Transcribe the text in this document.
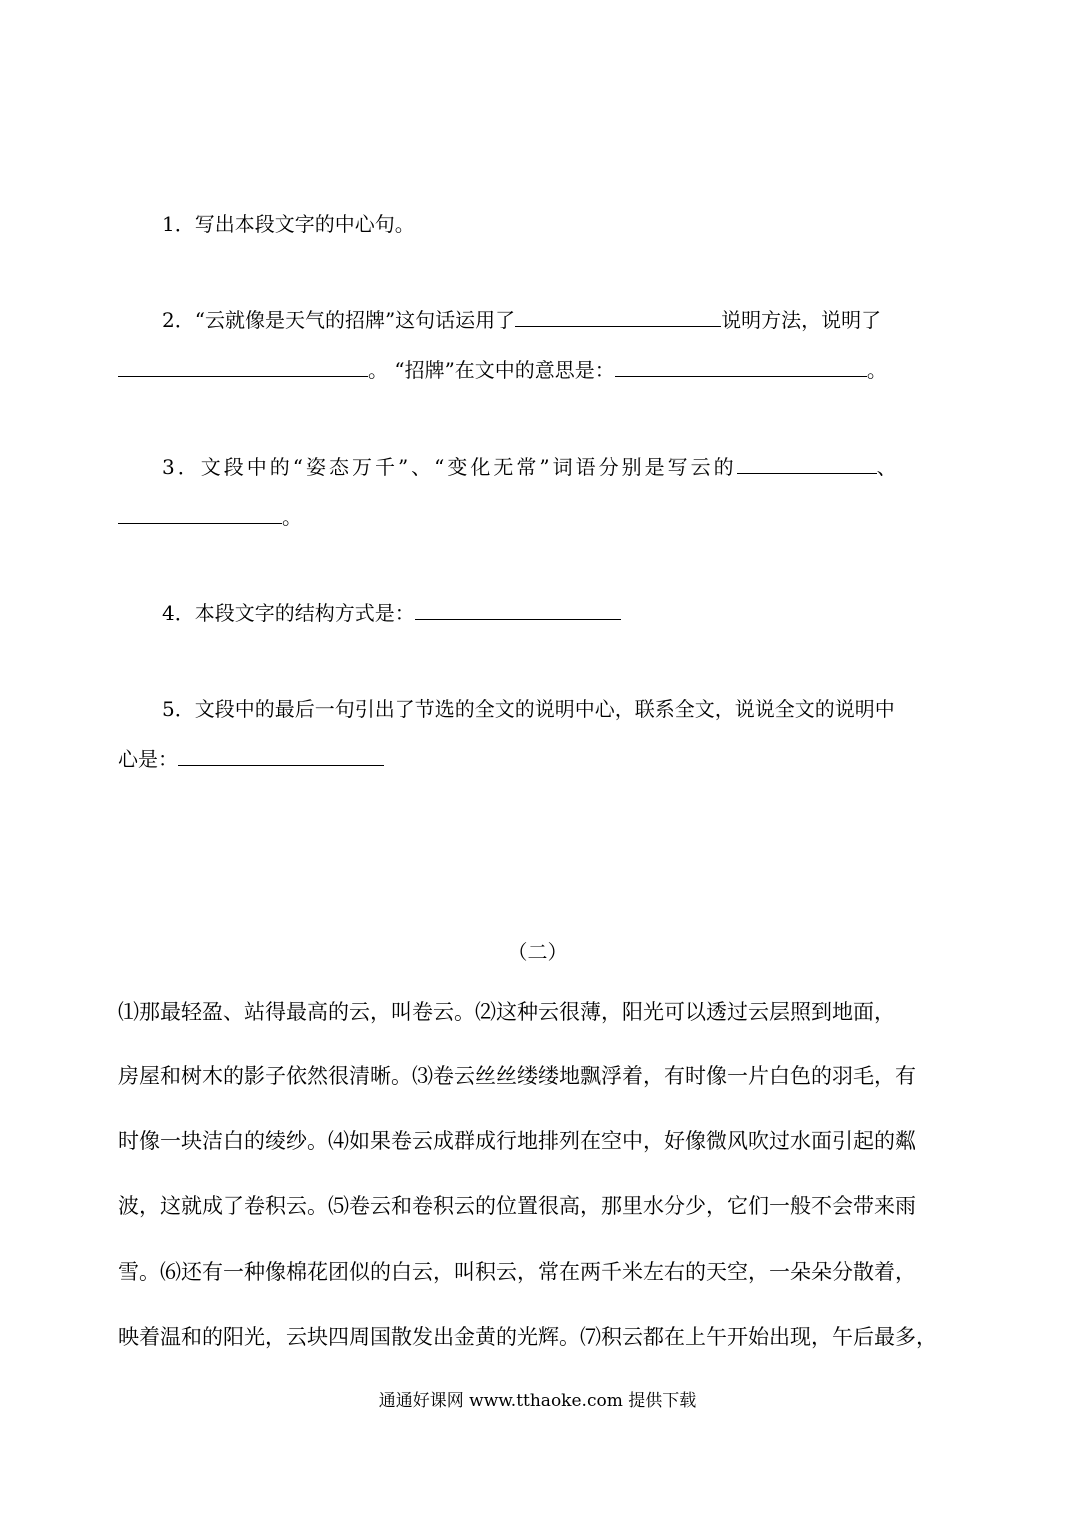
1．写出本段文字的中心句。
2．“云就像是天气的招牌”这句话运用了	说明方法，说明了
。 “招牌”在文中的意思是：	。
3．文段中的“姿态万千”、“变化无常”词语分别是写云的	、
。
4．本段文字的结构方式是：
5．文段中的最后一句引出了节选的全文的说明中心，联系全文，说说全文的说明中
心是：
（二）
⑴那最轻盈、站得最高的云，叫卷云。⑵这种云很薄，阳光可以透过云层照到地面，
房屋和树木的影子依然很清晰。⑶卷云丝丝缕缕地飘浮着，有时像一片白色的羽毛，有
时像一块洁白的绫纱。⑷如果卷云成群成行地排列在空中，好像微风吹过水面引起的粼
波，这就成了卷积云。⑸卷云和卷积云的位置很高，那里水分少，它们一般不会带来雨
雪。⑹还有一种像棉花团似的白云，叫积云，常在两千米左右的天空，一朵朵分散着，
映着温和的阳光，云块四周国散发出金黄的光辉。⑺积云都在上午开始出现，午后最多，
通通好课网 www.tthaoke.com 提供下载
